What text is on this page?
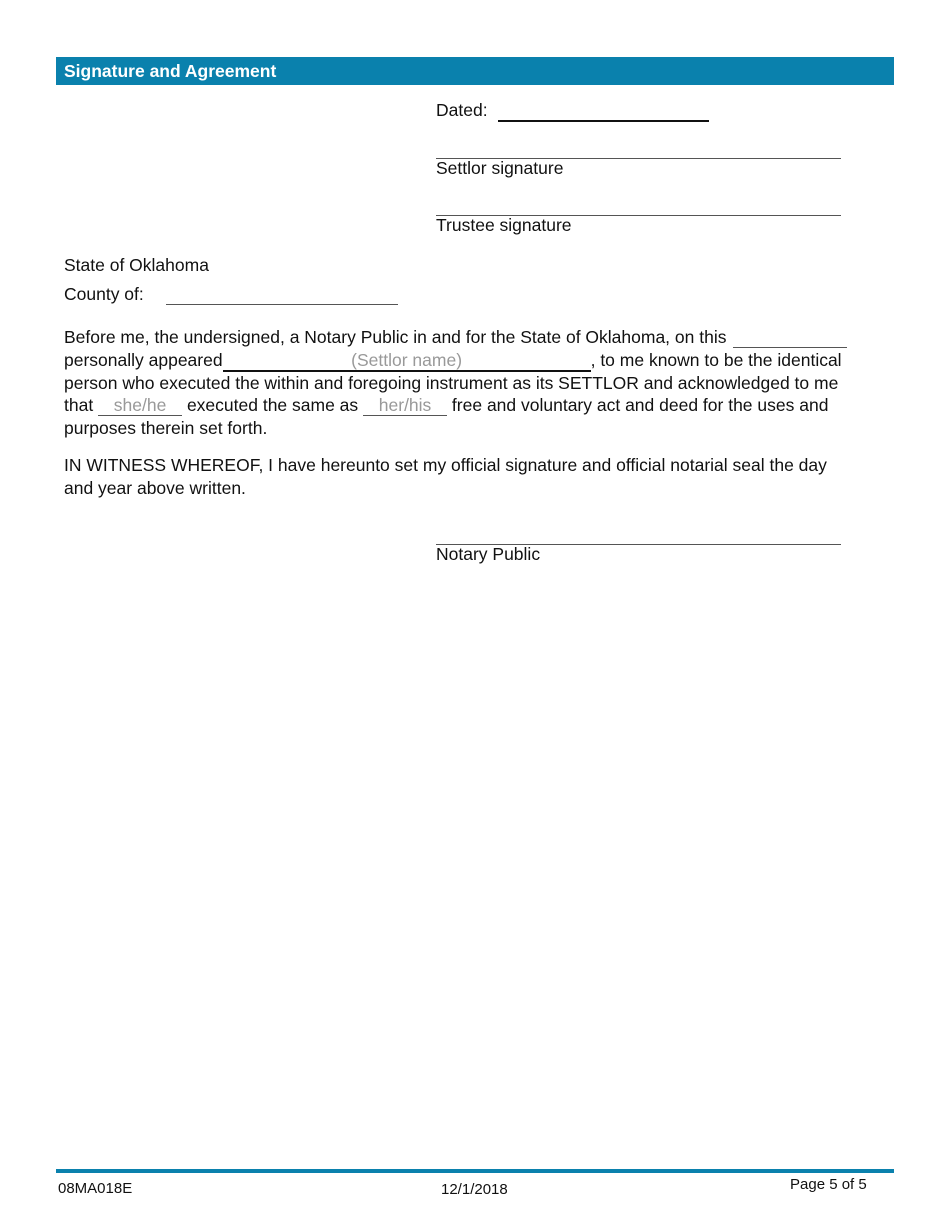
Signature and Agreement
Dated:
Settlor signature
Trustee signature
State of Oklahoma
County of:
Before me, the undersigned, a Notary Public in and for the State of Oklahoma, on this
personally appeared	(Settlor name)	, to me known to be the identical
person who executed the within and foregoing instrument as its SETTLOR and acknowledged to me
that she/he executed the same as her/his free and voluntary act and deed for the uses and
purposes therein set forth.
IN WITNESS WHEREOF, I have hereunto set my official signature and official notarial seal the day
and year above written.
Notary Public
08MA018E	12/1/2018	Page 5 of 5
